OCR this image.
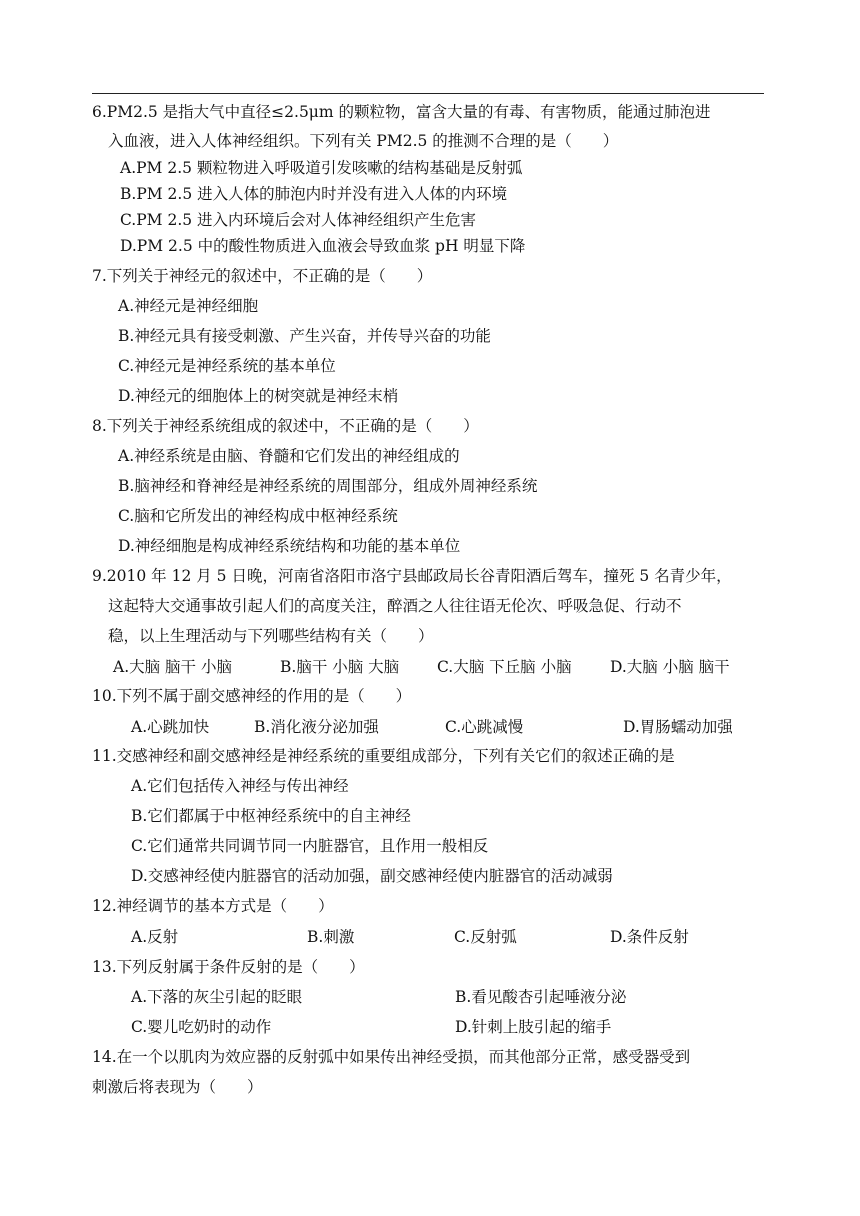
6.PM2.5 是指大气中直径≤2.5μm 的颗粒物，富含大量的有毒、有害物质，能通过肺泡进
入血液，进入人体神经组织。下列有关 PM2.5 的推测不合理的是（　　）
A.PM 2.5 颗粒物进入呼吸道引发咳嗽的结构基础是反射弧
B.PM 2.5 进入人体的肺泡内时并没有进入人体的内环境
C.PM 2.5 进入内环境后会对人体神经组织产生危害
D.PM 2.5 中的酸性物质进入血液会导致血浆 pH 明显下降
7.下列关于神经元的叙述中，不正确的是（　　）
A.神经元是神经细胞
B.神经元具有接受刺激、产生兴奋，并传导兴奋的功能
C.神经元是神经系统的基本单位
D.神经元的细胞体上的树突就是神经末梢
8.下列关于神经系统组成的叙述中，不正确的是（　　）
A.神经系统是由脑、脊髓和它们发出的神经组成的
B.脑神经和脊神经是神经系统的周围部分，组成外周神经系统
C.脑和它所发出的神经构成中枢神经系统
D.神经细胞是构成神经系统结构和功能的基本单位
9.2010 年 12 月 5 日晚，河南省洛阳市洛宁县邮政局长谷青阳酒后驾车，撞死 5 名青少年，
这起特大交通事故引起人们的高度关注，醉酒之人往往语无伦次、呼吸急促、行动不
稳，以上生理活动与下列哪些结构有关（　　）
A.大脑 脑干 小脑	B.脑干 小脑 大脑 C.大脑 下丘脑 小脑 D.大脑 小脑 脑干
10.下列不属于副交感神经的作用的是（　　）
A.心跳加快	B.消化液分泌加强	C.心跳减慢	D.胃肠蠕动加强
11.交感神经和副交感神经是神经系统的重要组成部分，下列有关它们的叙述正确的是
A.它们包括传入神经与传出神经
B.它们都属于中枢神经系统中的自主神经
C.它们通常共同调节同一内脏器官，且作用一般相反
D.交感神经使内脏器官的活动加强，副交感神经使内脏器官的活动减弱
12.神经调节的基本方式是（　　）
A.反射	B.刺激	C.反射弧	D.条件反射
13.下列反射属于条件反射的是（　　）
A.下落的灰尘引起的眨眼	B.看见酸杏引起唾液分泌
C.婴儿吃奶时的动作	D.针刺上肢引起的缩手
14.在一个以肌肉为效应器的反射弧中如果传出神经受损，而其他部分正常，感受器受到
刺激后将表现为（　　）
